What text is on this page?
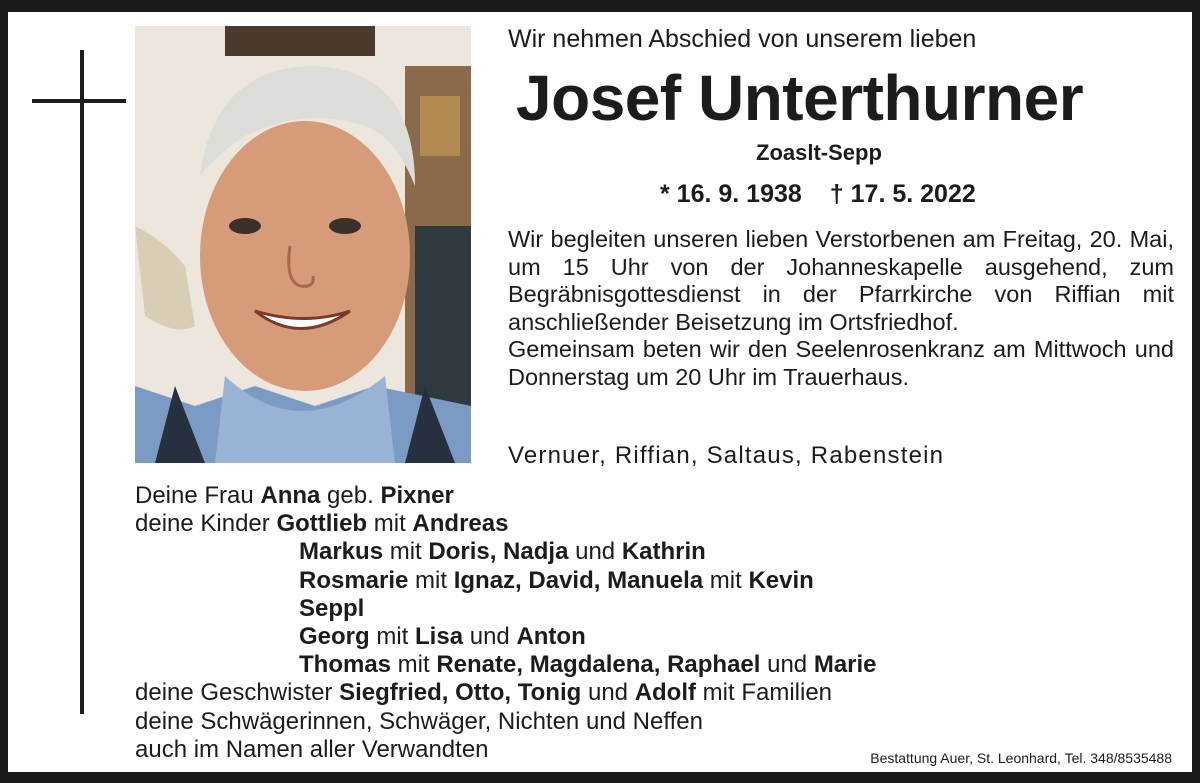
Wir nehmen Abschied von unserem lieben
Josef Unterthurner
Zoaslt-Sepp
* 16. 9. 1938 † 17. 5. 2022

Wir begleiten unseren lieben Verstorbenen am Freitag, 20. Mai, um 15 Uhr von der Johanneskapelle ausgehend, zum Begräbnisgottesdienst in der Pfarrkirche von Riffian mit anschließender Beisetzung im Ortsfriedhof.

Gemeinsam beten wir den Seelenrosenkranz am Mittwoch und Donnerstag um 20 Uhr im Trauerhaus.

Vernuer, Riffian, Saltaus, Rabenstein
Deine Frau Anna geb. Pixner
deine Kinder Gottlieb mit Andreas
Markus mit Doris, Nadja und Kathrin
Rosmarie mit Ignaz, David, Manuela mit Kevin
Seppl
Georg mit Lisa und Anton
Thomas mit Renate, Magdalena, Raphael und Marie
deine Geschwister Siegfried, Otto, Tonig und Adolf mit Familien
deine Schwägerinnen, Schwäger, Nichten und Neffen
auch im Namen aller Verwandten	Bestattung Auer, St. Leonhard, Tel. 348/8535488
